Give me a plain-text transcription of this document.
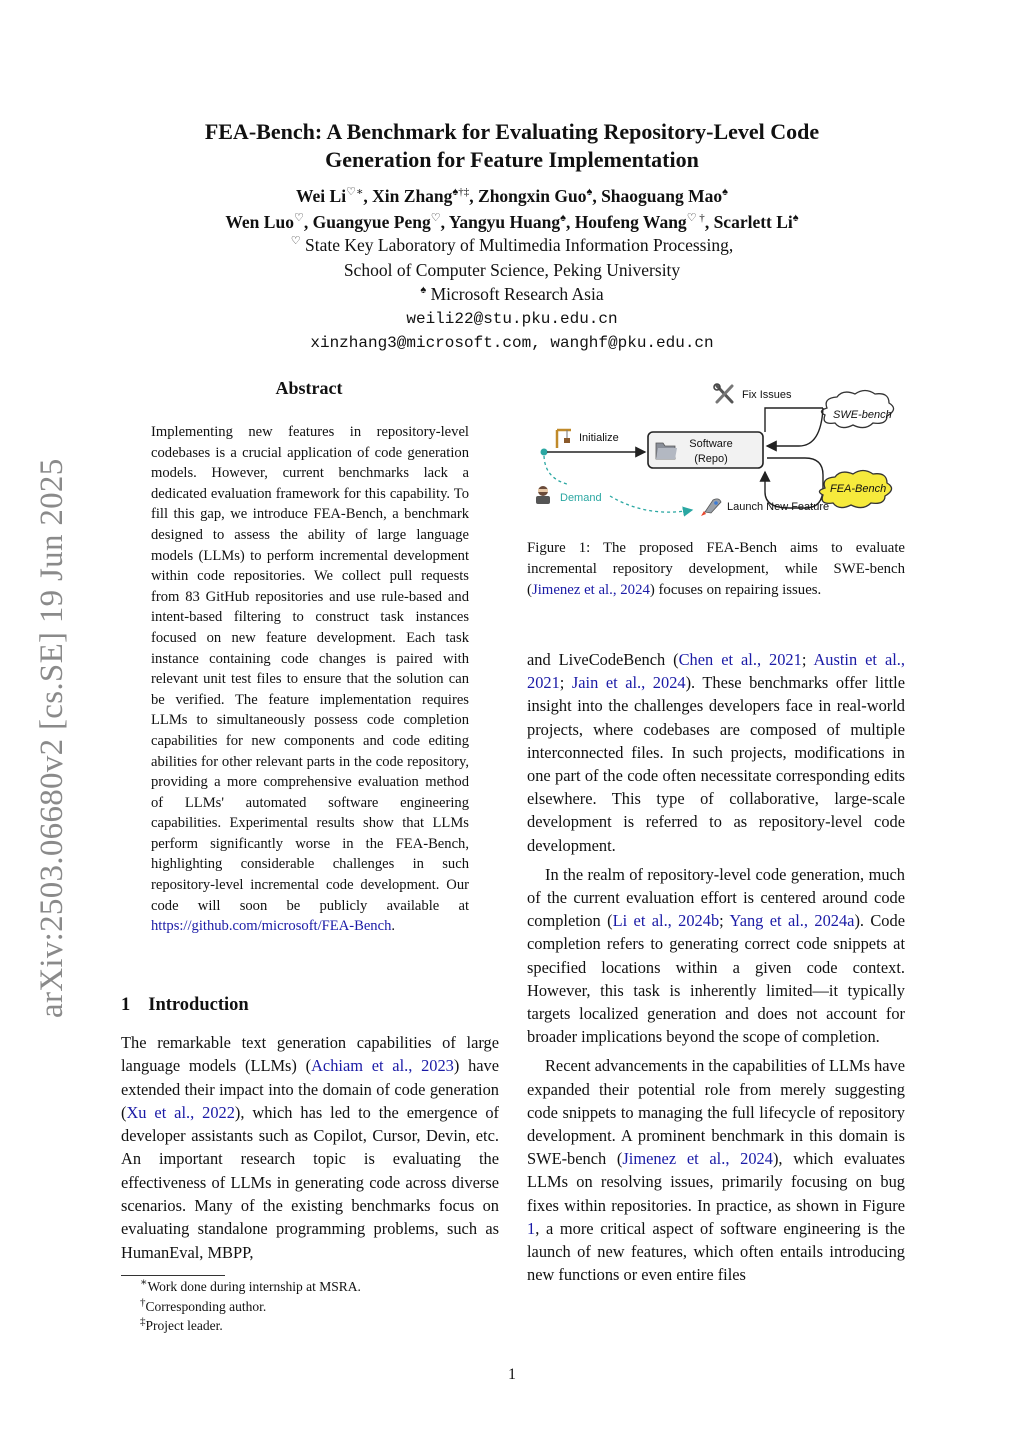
FEA-Bench: A Benchmark for Evaluating Repository-Level Code
Generation for Feature Implementation
Wei Li♡∗, Xin Zhang♠†‡, Zhongxin Guo♠, Shaoguang Mao♠
Wen Luo♡, Guangyue Peng♡, Yangyu Huang♠, Houfeng Wang♡ †, Scarlett Li♠
♡ State Key Laboratory of Multimedia Information Processing,
School of Computer Science, Peking University
♠ Microsoft Research Asia
weili22@stu.pku.edu.cn
xinzhang3@microsoft.com, wanghf@pku.edu.cn
arXiv:2503.06680v2 [cs.SE] 19 Jun 2025
Abstract
Implementing new features in repository-level codebases is a crucial application of code generation models. However, current benchmarks lack a dedicated evaluation framework for this capability. To fill this gap, we introduce FEA-Bench, a benchmark designed to assess the ability of large language models (LLMs) to perform incremental development within code repositories. We collect pull requests from 83 GitHub repositories and use rule-based and intent-based filtering to construct task instances focused on new feature development. Each task instance containing code changes is paired with relevant unit test files to ensure that the solution can be verified. The feature implementation requires LLMs to simultaneously possess code completion capabilities for new components and code editing abilities for other relevant parts in the code repository, providing a more comprehensive evaluation method of LLMs' automated software engineering capabilities. Experimental results show that LLMs perform significantly worse in the FEA-Bench, highlighting considerable challenges in such repository-level incremental code development. Our code will soon be publicly available at https://github.com/microsoft/FEA-Bench.
1 Introduction
The remarkable text generation capabilities of large language models (LLMs) (Achiam et al., 2023) have extended their impact into the domain of code generation (Xu et al., 2022), which has led to the emergence of developer assistants such as Copilot, Cursor, Devin, etc. An important research topic is evaluating the effectiveness of LLMs in generating code across diverse scenarios. Many of the existing benchmarks focus on evaluating standalone programming problems, such as HumanEval, MBPP,
∗Work done during internship at MSRA.
†Corresponding author.
‡Project leader.
Fix Issues
SWE-bench
Initialize	Software
(Repo)
FEA-Bench
Demand
Launch New Feature
Figure 1: The proposed FEA-Bench aims to evaluate incremental repository development, while SWE-bench (Jimenez et al., 2024) focuses on repairing issues.

and LiveCodeBench (Chen et al., 2021; Austin et al., 2021; Jain et al., 2024). These benchmarks offer little insight into the challenges developers face in real-world projects, where codebases are composed of multiple interconnected files. In such projects, modifications in one part of the code often necessitate corresponding edits elsewhere. This type of collaborative, large-scale development is referred to as repository-level code development.

In the realm of repository-level code generation, much of the current evaluation effort is centered around code completion (Li et al., 2024b; Yang et al., 2024a). Code completion refers to generating correct code snippets at specified locations within a given code context. However, this task is inherently limited—it typically targets localized generation and does not account for broader implications beyond the scope of completion.

Recent advancements in the capabilities of LLMs have expanded their potential role from merely suggesting code snippets to managing the full lifecycle of repository development. A prominent benchmark in this domain is SWE-bench (Jimenez et al., 2024), which evaluates LLMs on resolving issues, primarily focusing on bug fixes within repositories. In practice, as shown in Figure 1, a more critical aspect of software engineering is the launch of new features, which often entails introducing new functions or even entire files

1
